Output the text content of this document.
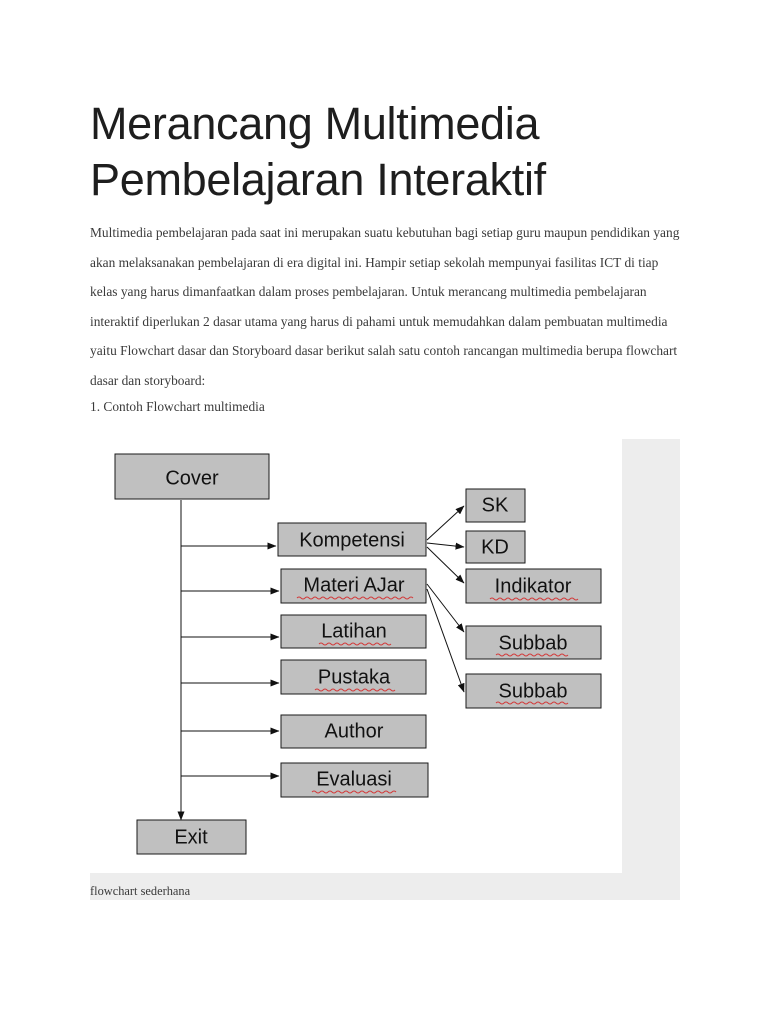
Merancang Multimedia Pembelajaran Interaktif

Multimedia pembelajaran pada saat ini merupakan suatu kebutuhan bagi setiap guru maupun pendidikan yang akan melaksanakan pembelajaran di era digital ini. Hampir setiap sekolah mempunyai fasilitas ICT di tiap kelas yang harus dimanfaatkan dalam proses pembelajaran. Untuk merancang multimedia pembelajaran interaktif diperlukan 2 dasar utama yang harus di pahami untuk memudahkan dalam pembuatan multimedia yaitu Flowchart dasar dan Storyboard dasar berikut salah satu contoh rancangan multimedia berupa flowchart dasar dan storyboard:

1. Contoh Flowchart multimedia

Cover
Kompetensi
Materi AJar
Latihan
Pustaka
Author
Evaluasi
Exit
SK
KD
Indikator
Subbab
Subbab

flowchart sederhana
